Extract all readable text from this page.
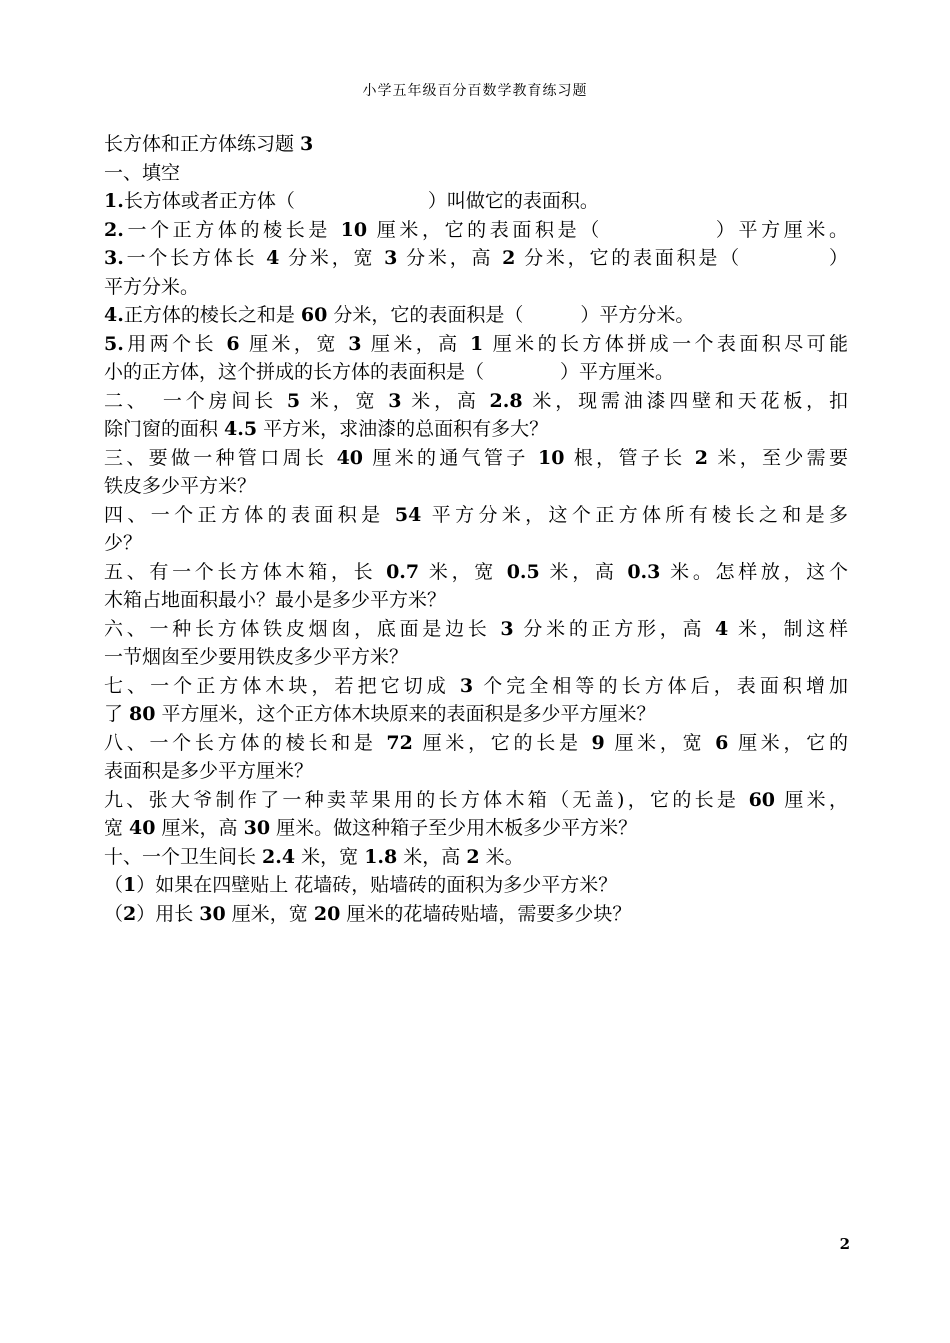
小学五年级百分百数学教育练习题
长方体和正方体练习题 3
一、填空
1.长方体或者正方体（　　　　　　　）叫做它的表面积。
2.一个正方体的棱长是 10 厘米，它的表面积是（　　　　　）平方厘米。
3.一个长方体长 4 分米，宽 3 分米，高 2 分米，它的表面积是（　　　　）
平方分米。
4.正方体的棱长之和是 60 分米，它的表面积是（　　　）平方分米。
5.用两个长 6 厘米，宽 3 厘米，高 1 厘米的长方体拼成一个表面积尽可能
小的正方体，这个拼成的长方体的表面积是（　　　　）平方厘米。
二、　一个房间长 5 米，宽 3 米，高 2.8 米，现需油漆四壁和天花板，扣
除门窗的面积 4.5 平方米，求油漆的总面积有多大？
三、要做一种管口周长 40 厘米的通气管子 10 根，管子长 2 米，至少需要
铁皮多少平方米？
四、一个正方体的表面积是 54 平方分米，这个正方体所有棱长之和是多
少？
五、有一个长方体木箱，长 0.7 米，宽 0.5 米，高 0.3 米。怎样放，这个
木箱占地面积最小？最小是多少平方米？
六、一种长方体铁皮烟囱，底面是边长 3 分米的正方形，高 4 米，制这样
一节烟囱至少要用铁皮多少平方米？
七、一个正方体木块，若把它切成 3 个完全相等的长方体后，表面积增加
了 80 平方厘米，这个正方体木块原来的表面积是多少平方厘米？
八、一个长方体的棱长和是 72 厘米，它的长是 9 厘米，宽 6 厘米，它的
表面积是多少平方厘米？
九、张大爷制作了一种卖苹果用的长方体木箱（无盖)，它的长是 60 厘米，
宽 40 厘米，高 30 厘米。做这种箱子至少用木板多少平方米？
十、一个卫生间长 2.4 米，宽 1.8 米，高 2 米。
（1）如果在四壁贴上 花墙砖，贴墙砖的面积为多少平方米？
（2）用长 30 厘米，宽 20 厘米的花墙砖贴墙，需要多少块？
2
